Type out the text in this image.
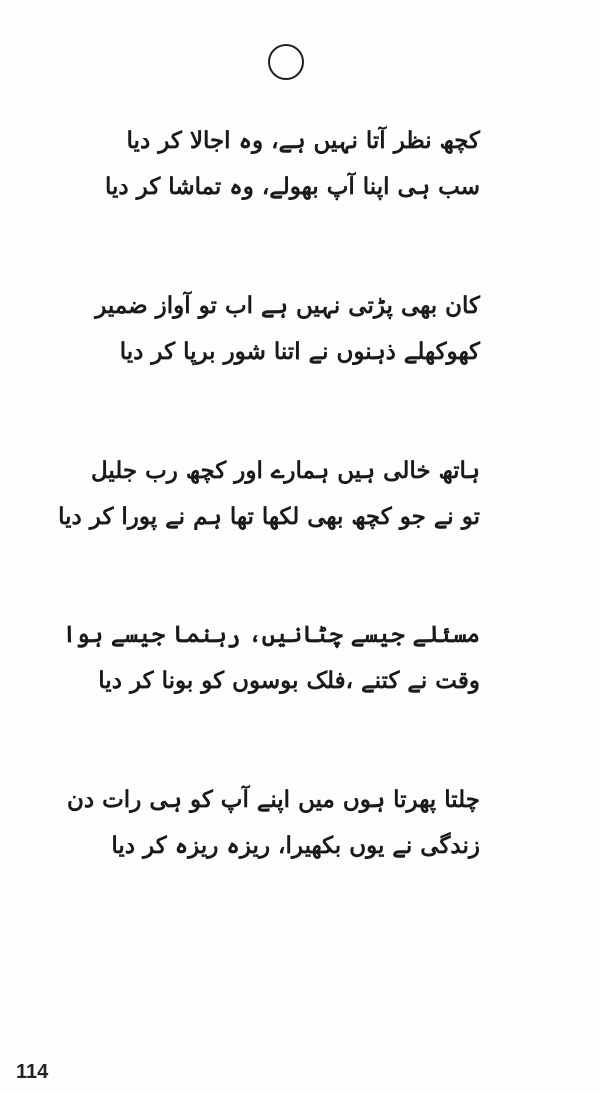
کچھ نظر آتا نہیں ہے، وہ اجالا کر دیا
سب ہی اپنا آپ بھولے، وہ تماشا کر دیا
کان بھی پڑتی نہیں ہے اب تو آواز ضمیر
کھوکھلے ذہنوں نے اتنا شور برپا کر دیا
ہاتھ خالی ہیں ہمارے اور کچھ رب جلیل
تو نے جو کچھ بھی لکھا تھا ہم نے پورا کر دیا
مسئلے جیسے چٹانیں، رہنما جیسے ہوا
وقت نے کتنے ،فلک بوسوں کو بونا کر دیا
چلتا پھرتا ہوں میں اپنے آپ کو ہی رات دن
زندگی نے یوں بکھیرا، ریزہ ریزہ کر دیا
114
